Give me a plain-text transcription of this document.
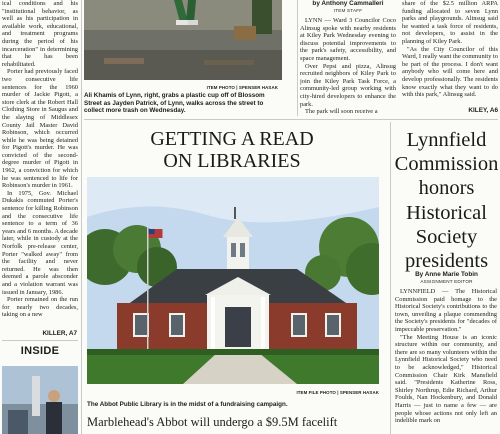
ical conditions and his "institutional behavior, as well as his participation in available work, educational, and treatment programs during the period of his incarceration" in determining that he has been rehabilitated.

Porter had previously faced two consecutive life sentences for the 1960 murder of Jackie Pigott, a store clerk at the Robert Hall Clothing Store in Saugus and the slaying of Middlesex County Jail Master David Robinson, which occurred while he was being detained for Pigott's murder. He was convicted of the second-degree murder of Pigott in 1962, a conviction for which he was sentenced to life for Robinson's murder in 1961.

In 1975, Gov. Michael Dukakis commuted Porter's sentence for killing Robinson and the consecutive life sentence to a term of 36 years and 6 months. A decade later, while in custody at the Norfolk pre-release center, Porter "walked away" from the facility and never returned. He was then deemed a parole absconder and a violation warrant was issued in January, 1986.

Porter remained on the run for nearly two decades, taking on a new

KILLER, A7
INSIDE
ITEM PHOTO | SPENSER HASAK
Ali Khamis of Lynn, right, grabs a plastic cup off of Blossom Street as Jayden Patrick, of Lynn, walks across the street to collect more trash on Wednesday.
by Anthony Cammalleri
ITEM STAFF

LYNN — Ward 3 Councilor Coco Alinsug spoke with nearby residents at Kiley Park Wednesday evening to discuss potential improvements to the park's safety, accessibility, and space management.

Over Pepsi and pizza, Alinsug recruited neighbors of Kiley Park to join the Kiley Park Task Force, a community-led group working with city-hired developers to enhance the park.

The park will soon receive a

share of the $2.5 million ARPA funding allocated to seven Lynn parks and playgrounds. Alinsug said he wanted a task force of residents, not developers, to assist in the planning of Kiley Park.

"As the City Councilor of this Ward, I really want the community to be part of the process. I don't want anybody who will come here and develop professionally. The residents know exactly what they want to do with this park," Alinsug said.

KILEY, A6
GETTING A READ
ON LIBRARIES
ITEM FILE PHOTO | SPENSER HASAK
The Abbot Public Library is in the midst of a fundraising campaign.
Marblehead's Abbot will undergo a $9.5M facelift
Lynnfield
Commission
honors
Historical
Society
presidents
By Anne Marie Tobin
ASSIGNMENT EDITOR

LYNNFIELD — The Historical Commission paid homage to the Historical Society's contributions to the town, unveiling a plaque commending the Society's presidents for "decades of impeccable preservation."

"The Meeting House is an iconic structure within our community, and there are so many volunteers within the Lynnfield Historical Society who need to be acknowledged," Historical Commission Chair Kirk Mansfield said. "Presidents Katherine Ross, Shirley Northrup, Edie Richard, Arthur Foulds, Nan Hockenbury, and Donald Harris — just to name a few — are people whose actions not only left an indelible mark on
